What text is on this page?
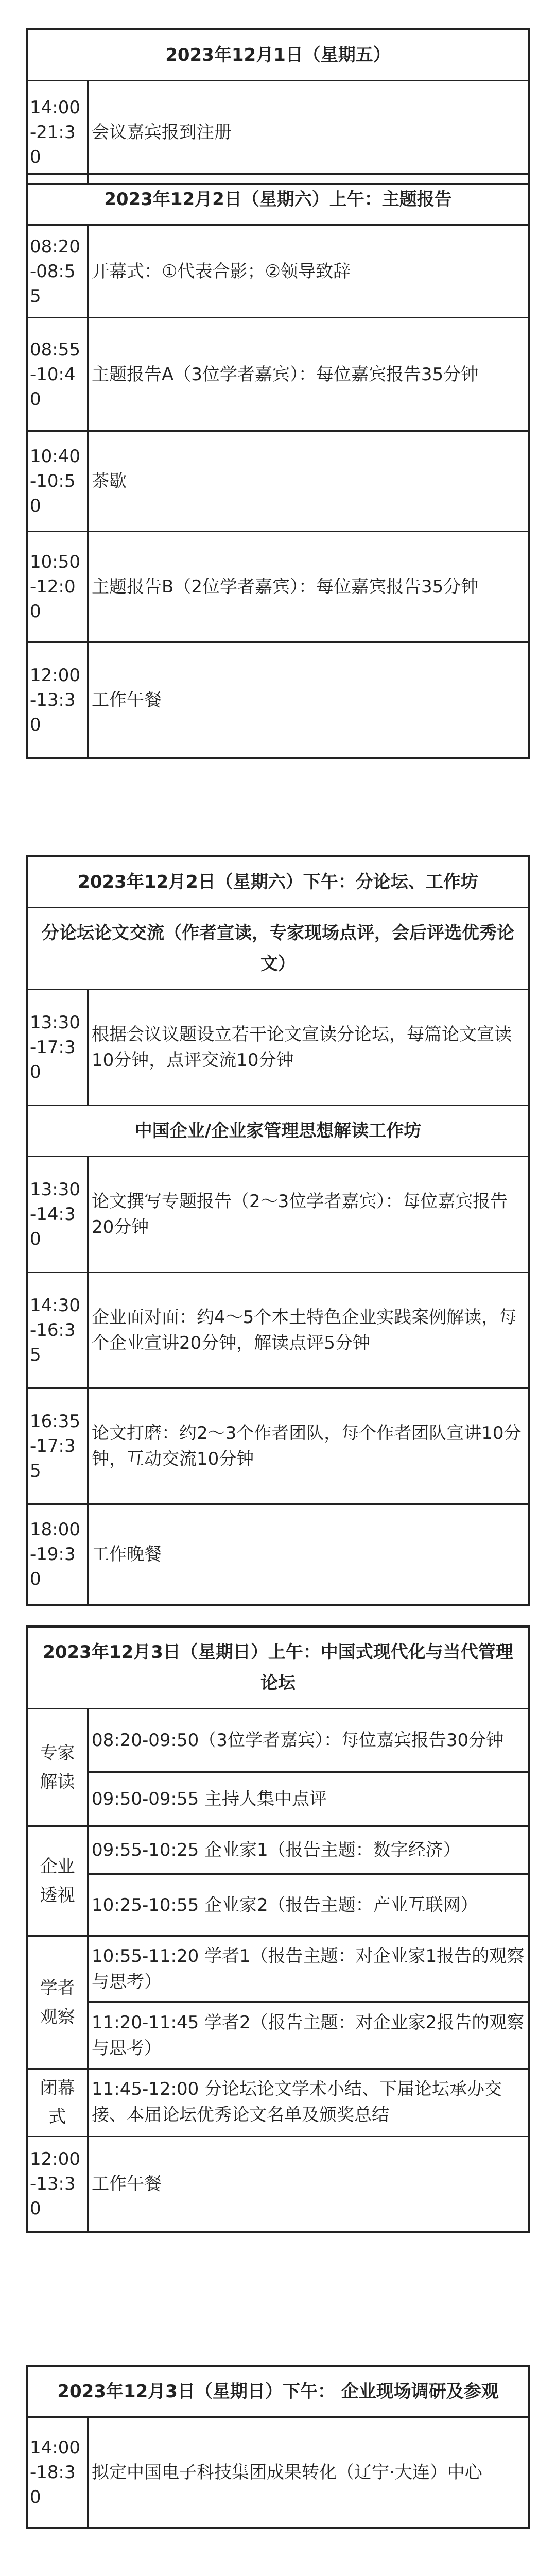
2023年12月1日（星期五）
14:00-21:30
会议嘉宾报到注册
2023年12月2日（星期六）上午：主题报告
08:20-08:55
开幕式：①代表合影；②领导致辞
08:55-10:40
主题报告A（3位学者嘉宾）：每位嘉宾报告35分钟
10:40-10:50
茶歇
10:50-12:00
主题报告B（2位学者嘉宾）：每位嘉宾报告35分钟
12:00-13:30
工作午餐
2023年12月2日（星期六）下午：分论坛、工作坊
分论坛论文交流（作者宣读，专家现场点评，会后评选优秀论文）
13:30-17:30
根据会议议题设立若干论文宣读分论坛，每篇论文宣读10分钟，点评交流10分钟
中国企业/企业家管理思想解读工作坊
13:30-14:30
论文撰写专题报告（2～3位学者嘉宾）：每位嘉宾报告20分钟
14:30-16:35
企业面对面：约4～5个本土特色企业实践案例解读，每个企业宣讲20分钟，解读点评5分钟
16:35-17:35
论文打磨：约2～3个作者团队，每个作者团队宣讲10分钟，互动交流10分钟
18:00-19:30
工作晚餐
2023年12月3日（星期日）上午：中国式现代化与当代管理论坛
专家解读
08:20-09:50（3位学者嘉宾）：每位嘉宾报告30分钟
09:50-09:55 主持人集中点评
企业透视
09:55-10:25 企业家1（报告主题：数字经济）
10:25-10:55 企业家2（报告主题：产业互联网）
学者观察
10:55-11:20 学者1（报告主题：对企业家1报告的观察与思考）
11:20-11:45 学者2（报告主题：对企业家2报告的观察与思考）
闭幕式
11:45-12:00 分论坛论文学术小结、下届论坛承办交接、本届论坛优秀论文名单及颁奖总结
12:00-13:30
工作午餐
2023年12月3日（星期日）下午： 企业现场调研及参观
14:00-18:30
拟定中国电子科技集团成果转化（辽宁·大连）中心
